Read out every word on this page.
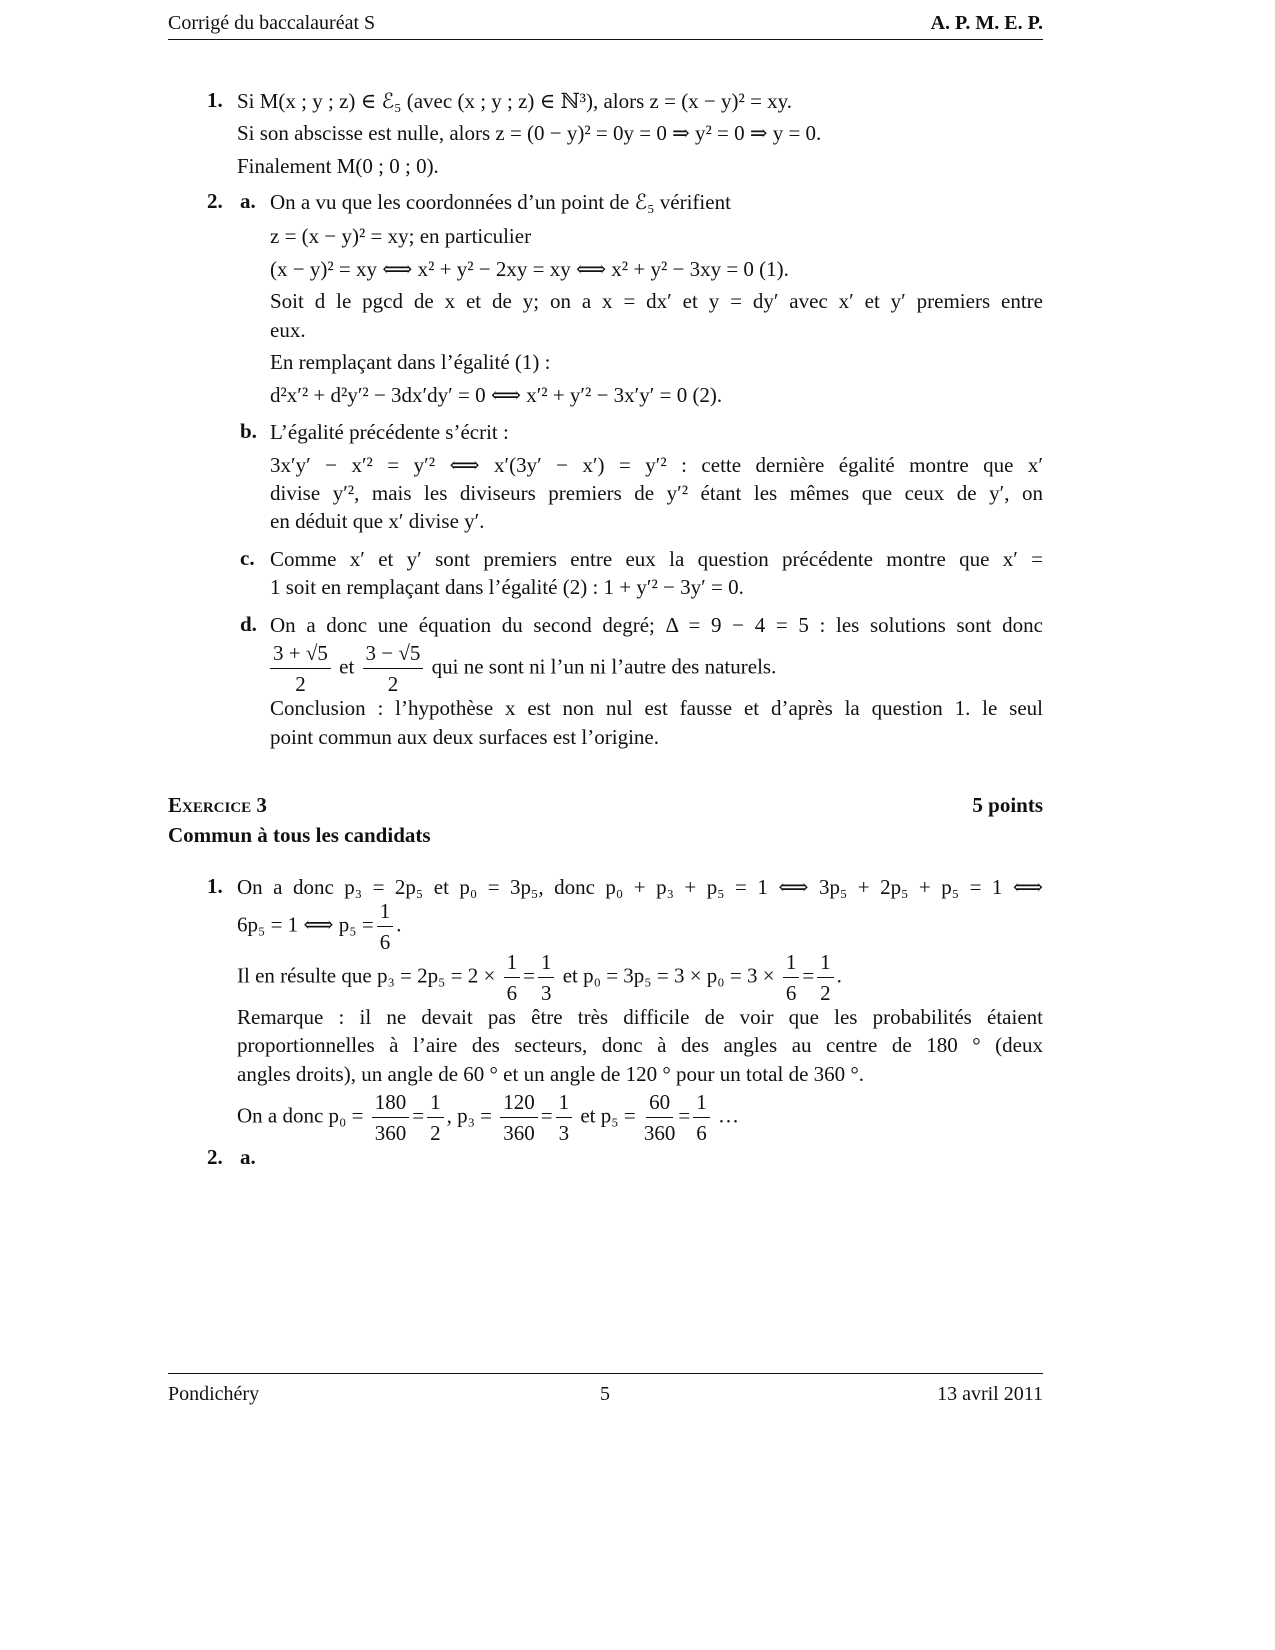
Corrigé du baccalauréat S	A. P. M. E. P.
1. Si M(x ; y ; z) ∈ ℰ₅ (avec (x ; y ; z) ∈ ℕ³), alors z = (x − y)² = xy.
Si son abscisse est nulle, alors z = (0 − y)² = 0y = 0 ⇒ y² = 0 ⇒ y = 0.
Finalement M(0 ; 0 ; 0).
2. a. On a vu que les coordonnées d’un point de ℰ₅ vérifient
z = (x − y)² = xy; en particulier
(x − y)² = xy ⟺ x² + y² − 2xy = xy ⟺ x² + y² − 3xy = 0 (1).
Soit d le pgcd de x et de y; on a x = dx′ et y = dy′ avec x′ et y′ premiers entre
eux.
En remplaçant dans l’égalité (1) :
d²x′² + d²y′² − 3dx′dy′ = 0 ⟺ x′² + y′² − 3x′y′ = 0 (2).
b. L’égalité précédente s’écrit :
3x′y′ − x′² = y′² ⟺ x′(3y′ − x′) = y′² : cette dernière égalité montre que x′
divise y′², mais les diviseurs premiers de y′² étant les mêmes que ceux de y′, on
en déduit que x′ divise y′.
c. Comme x′ et y′ sont premiers entre eux la question précédente montre que x′ =
1 soit en remplaçant dans l’égalité (2) : 1 + y′² − 3y′ = 0.
d. On a donc une équation du second degré; Δ = 9 − 4 = 5 : les solutions sont donc
$\frac{3 + √5}{2}$ et $\frac{3 - √5}{2}$ qui ne sont ni l’un ni l’autre des naturels.
Conclusion : l’hypothèse x est non nul est fausse et d’après la question 1. le seul
point commun aux deux surfaces est l’origine.
Exercice 3	5 points
Commun à tous les candidats
1. On a donc p₃ = 2p₅ et p₀ = 3p₅, donc p₀ + p₃ + p₅ = 1 ⟺ 3p₅ + 2p₅ + p₅ = 1 ⟺
6p₅ = 1 ⟺ $p_5 = \frac{1}{6}$ .
Il en résulte que $p_3 = 2p_5 = 2 \times \frac{1}{6} = \frac{1}{3}$ et $p_0 = 3p_5 = 3 \times p_0 = 3 \times \frac{1}{6} = \frac{1}{2}$ .
Remarque : il ne devait pas être très difficile de voir que les probabilités étaient
proportionnelles à l’aire des secteurs, donc à des angles au centre de 180 ° (deux
angles droits), un angle de 60 ° et un angle de 120 ° pour un total de 360 °.
On a donc $p_0 = \frac{180}{360} = \frac{1}{2}$ , $p_3 = \frac{120}{360} = \frac{1}{3}$ et $p_5 = \frac{60}{360} = \frac{1}{6}$ …
2. a.
Pondichéry	5	13 avril 2011
